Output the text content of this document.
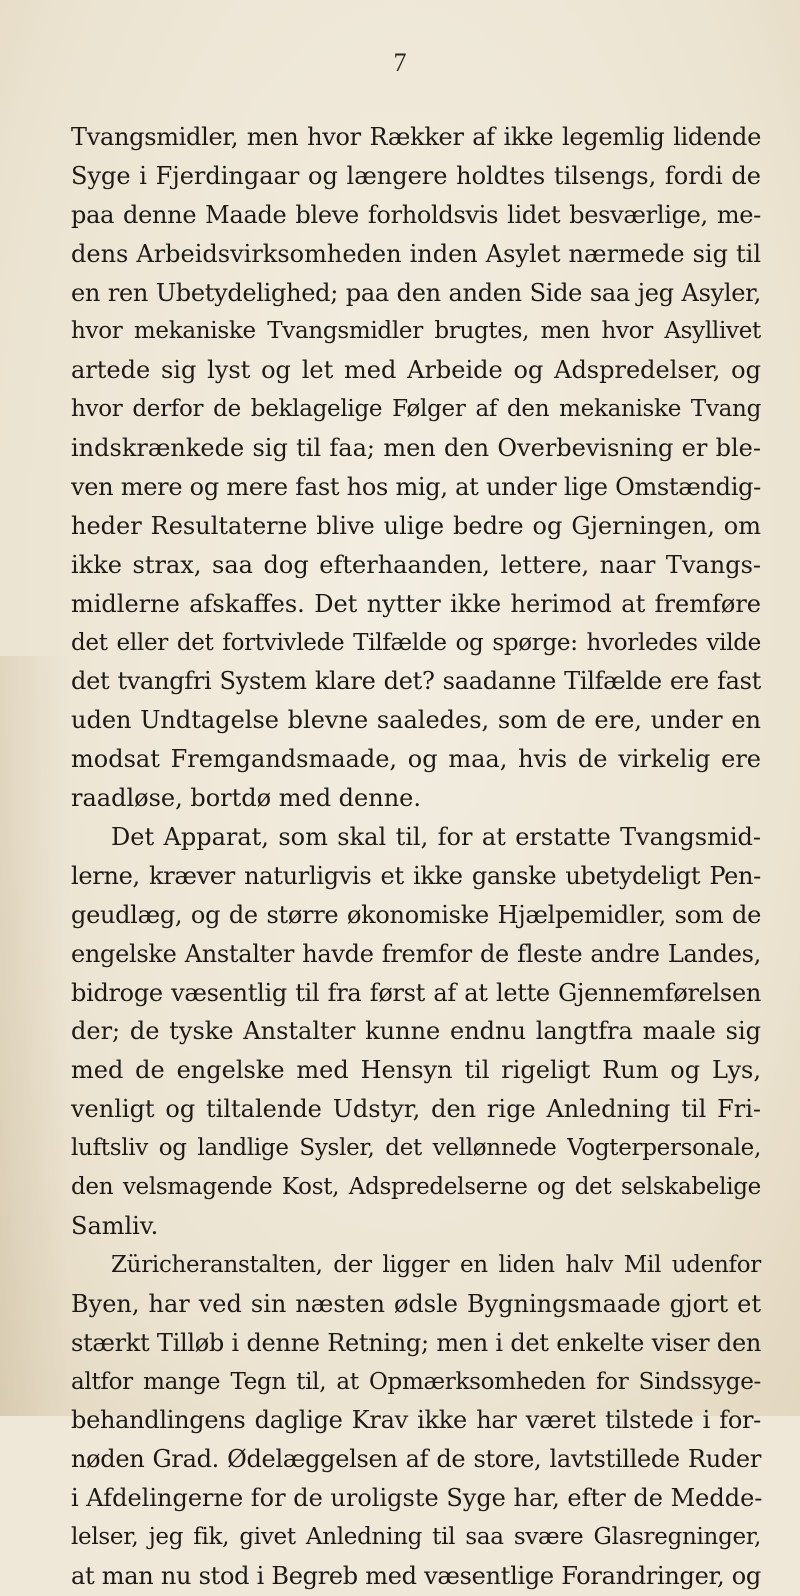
7

Tvangsmidler, men hvor Rækker af ikke legemlig lidende
Syge i Fjerdingaar og længere holdtes tilsengs, fordi de
paa denne Maade bleve forholdsvis lidet besværlige, me-
dens Arbeidsvirksomheden inden Asylet nærmede sig til
en ren Ubetydelighed; paa den anden Side saa jeg Asyler,
hvor mekaniske Tvangsmidler brugtes, men hvor Asyllivet
artede sig lyst og let med Arbeide og Adspredelser, og
hvor derfor de beklagelige Følger af den mekaniske Tvang
indskrænkede sig til faa; men den Overbevisning er ble-
ven mere og mere fast hos mig, at under lige Omstændig-
heder Resultaterne blive ulige bedre og Gjerningen, om
ikke strax, saa dog efterhaanden, lettere, naar Tvangs-
midlerne afskaffes. Det nytter ikke herimod at fremføre
det eller det fortvivlede Tilfælde og spørge: hvorledes vilde
det tvangfri System klare det? saadanne Tilfælde ere fast
uden Undtagelse blevne saaledes, som de ere, under en
modsat Fremgandsmaade, og maa, hvis de virkelig ere
raadløse, bortdø med denne.
Det Apparat, som skal til, for at erstatte Tvangsmid-
lerne, kræver naturligvis et ikke ganske ubetydeligt Pen-
geudlæg, og de større økonomiske Hjælpemidler, som de
engelske Anstalter havde fremfor de fleste andre Landes,
bidroge væsentlig til fra først af at lette Gjennemførelsen
der; de tyske Anstalter kunne endnu langtfra maale sig
med de engelske med Hensyn til rigeligt Rum og Lys,
venligt og tiltalende Udstyr, den rige Anledning til Fri-
luftsliv og landlige Sysler, det vellønnede Vogterpersonale,
den velsmagende Kost, Adspredelserne og det selskabelige
Samliv.
Züricheranstalten, der ligger en liden halv Mil udenfor
Byen, har ved sin næsten ødsle Bygningsmaade gjort et
stærkt Tilløb i denne Retning; men i det enkelte viser den
altfor mange Tegn til, at Opmærksomheden for Sindssyge-
behandlingens daglige Krav ikke har været tilstede i for-
nøden Grad. Ødelæggelsen af de store, lavtstillede Ruder
i Afdelingerne for de uroligste Syge har, efter de Medde-
lelser, jeg fik, givet Anledning til saa svære Glasregninger,
at man nu stod i Begreb med væsentlige Forandringer, og
